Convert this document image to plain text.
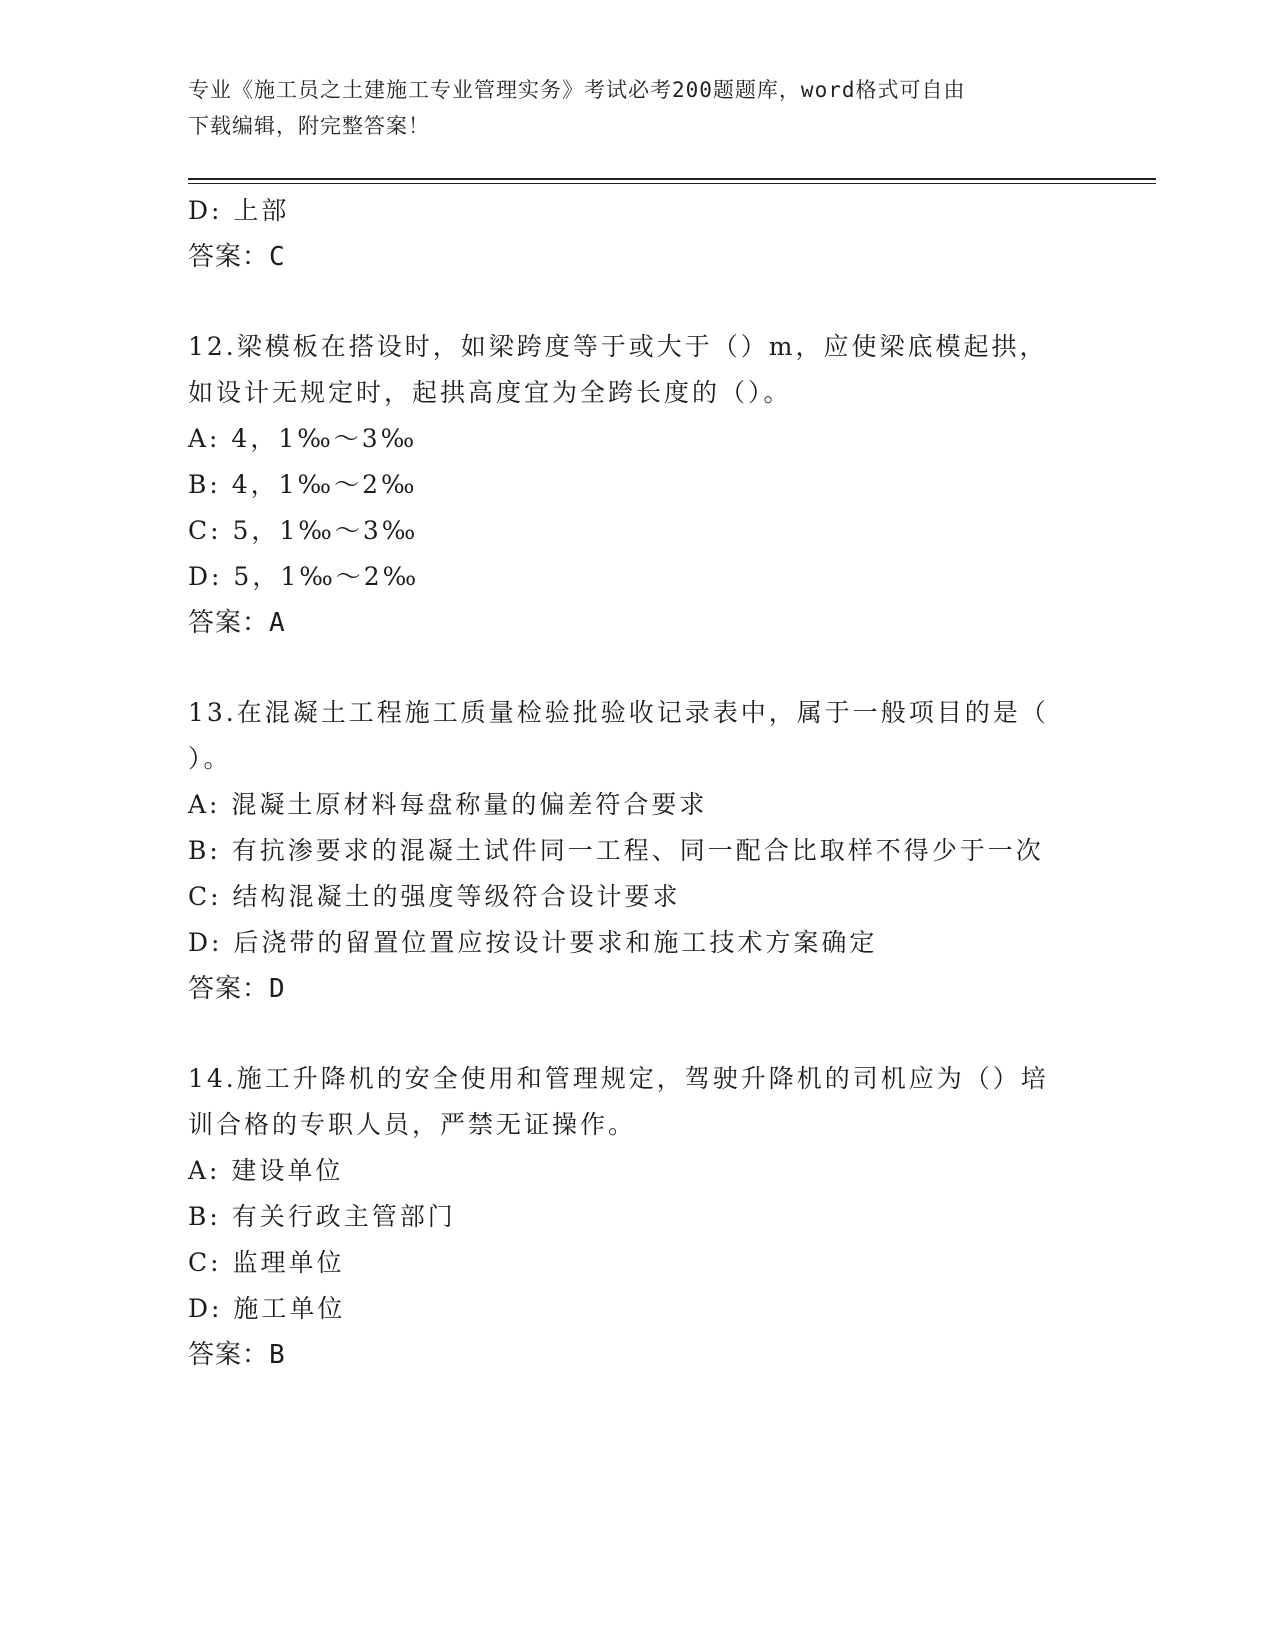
专业《施工员之土建施工专业管理实务》考试必考200题题库，word格式可自由
下载编辑，附完整答案！
D: 上部
答案：C
12.梁模板在搭设时，如梁跨度等于或大于（）m，应使梁底模起拱，
如设计无规定时，起拱高度宜为全跨长度的（）。
A: 4，1‰～3‰
B: 4，1‰～2‰
C: 5，1‰～3‰
D: 5，1‰～2‰
答案：A
13.在混凝土工程施工质量检验批验收记录表中，属于一般项目的是（
）。
A: 混凝土原材料每盘称量的偏差符合要求
B: 有抗渗要求的混凝土试件同一工程、同一配合比取样不得少于一次
C: 结构混凝土的强度等级符合设计要求
D: 后浇带的留置位置应按设计要求和施工技术方案确定
答案：D
14.施工升降机的安全使用和管理规定，驾驶升降机的司机应为（）培
训合格的专职人员，严禁无证操作。
A: 建设单位
B: 有关行政主管部门
C: 监理单位
D: 施工单位
答案：B
